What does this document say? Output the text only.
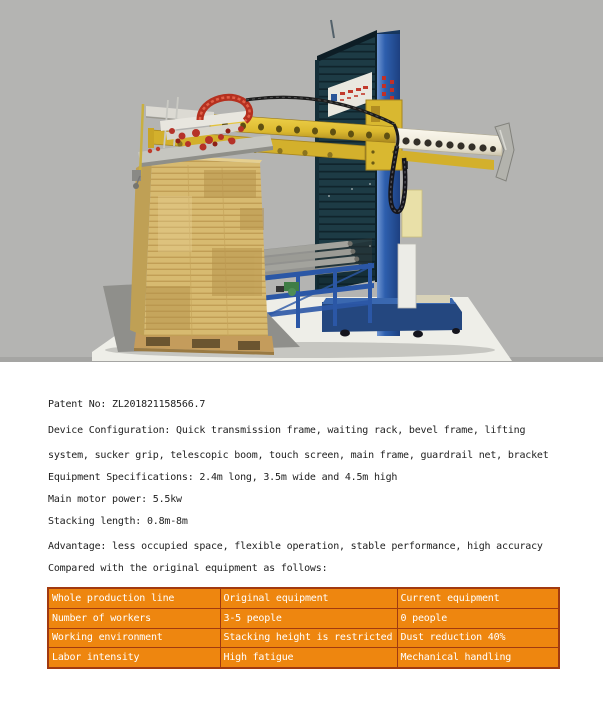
Patent No: ZL201821158566.7
Device Configuration: Quick transmission frame, waiting rack, bevel frame, lifting
system, sucker grip, telescopic boom, touch screen, main frame, guardrail net, bracket
Equipment Specifications: 2.4m long, 3.5m wide and 4.5m high
Main motor power: 5.5kw
Stacking length: 0.8m-8m
Advantage: less occupied space, flexible operation, stable performance, high accuracy
Compared with the original equipment as follows:
Whole production line	Original equipment	Current equipment
Number of workers	3-5 people	0 people
Working environment	Stacking height is restricted	Dust reduction 40%
Labor intensity	High fatigue	Mechanical handling
